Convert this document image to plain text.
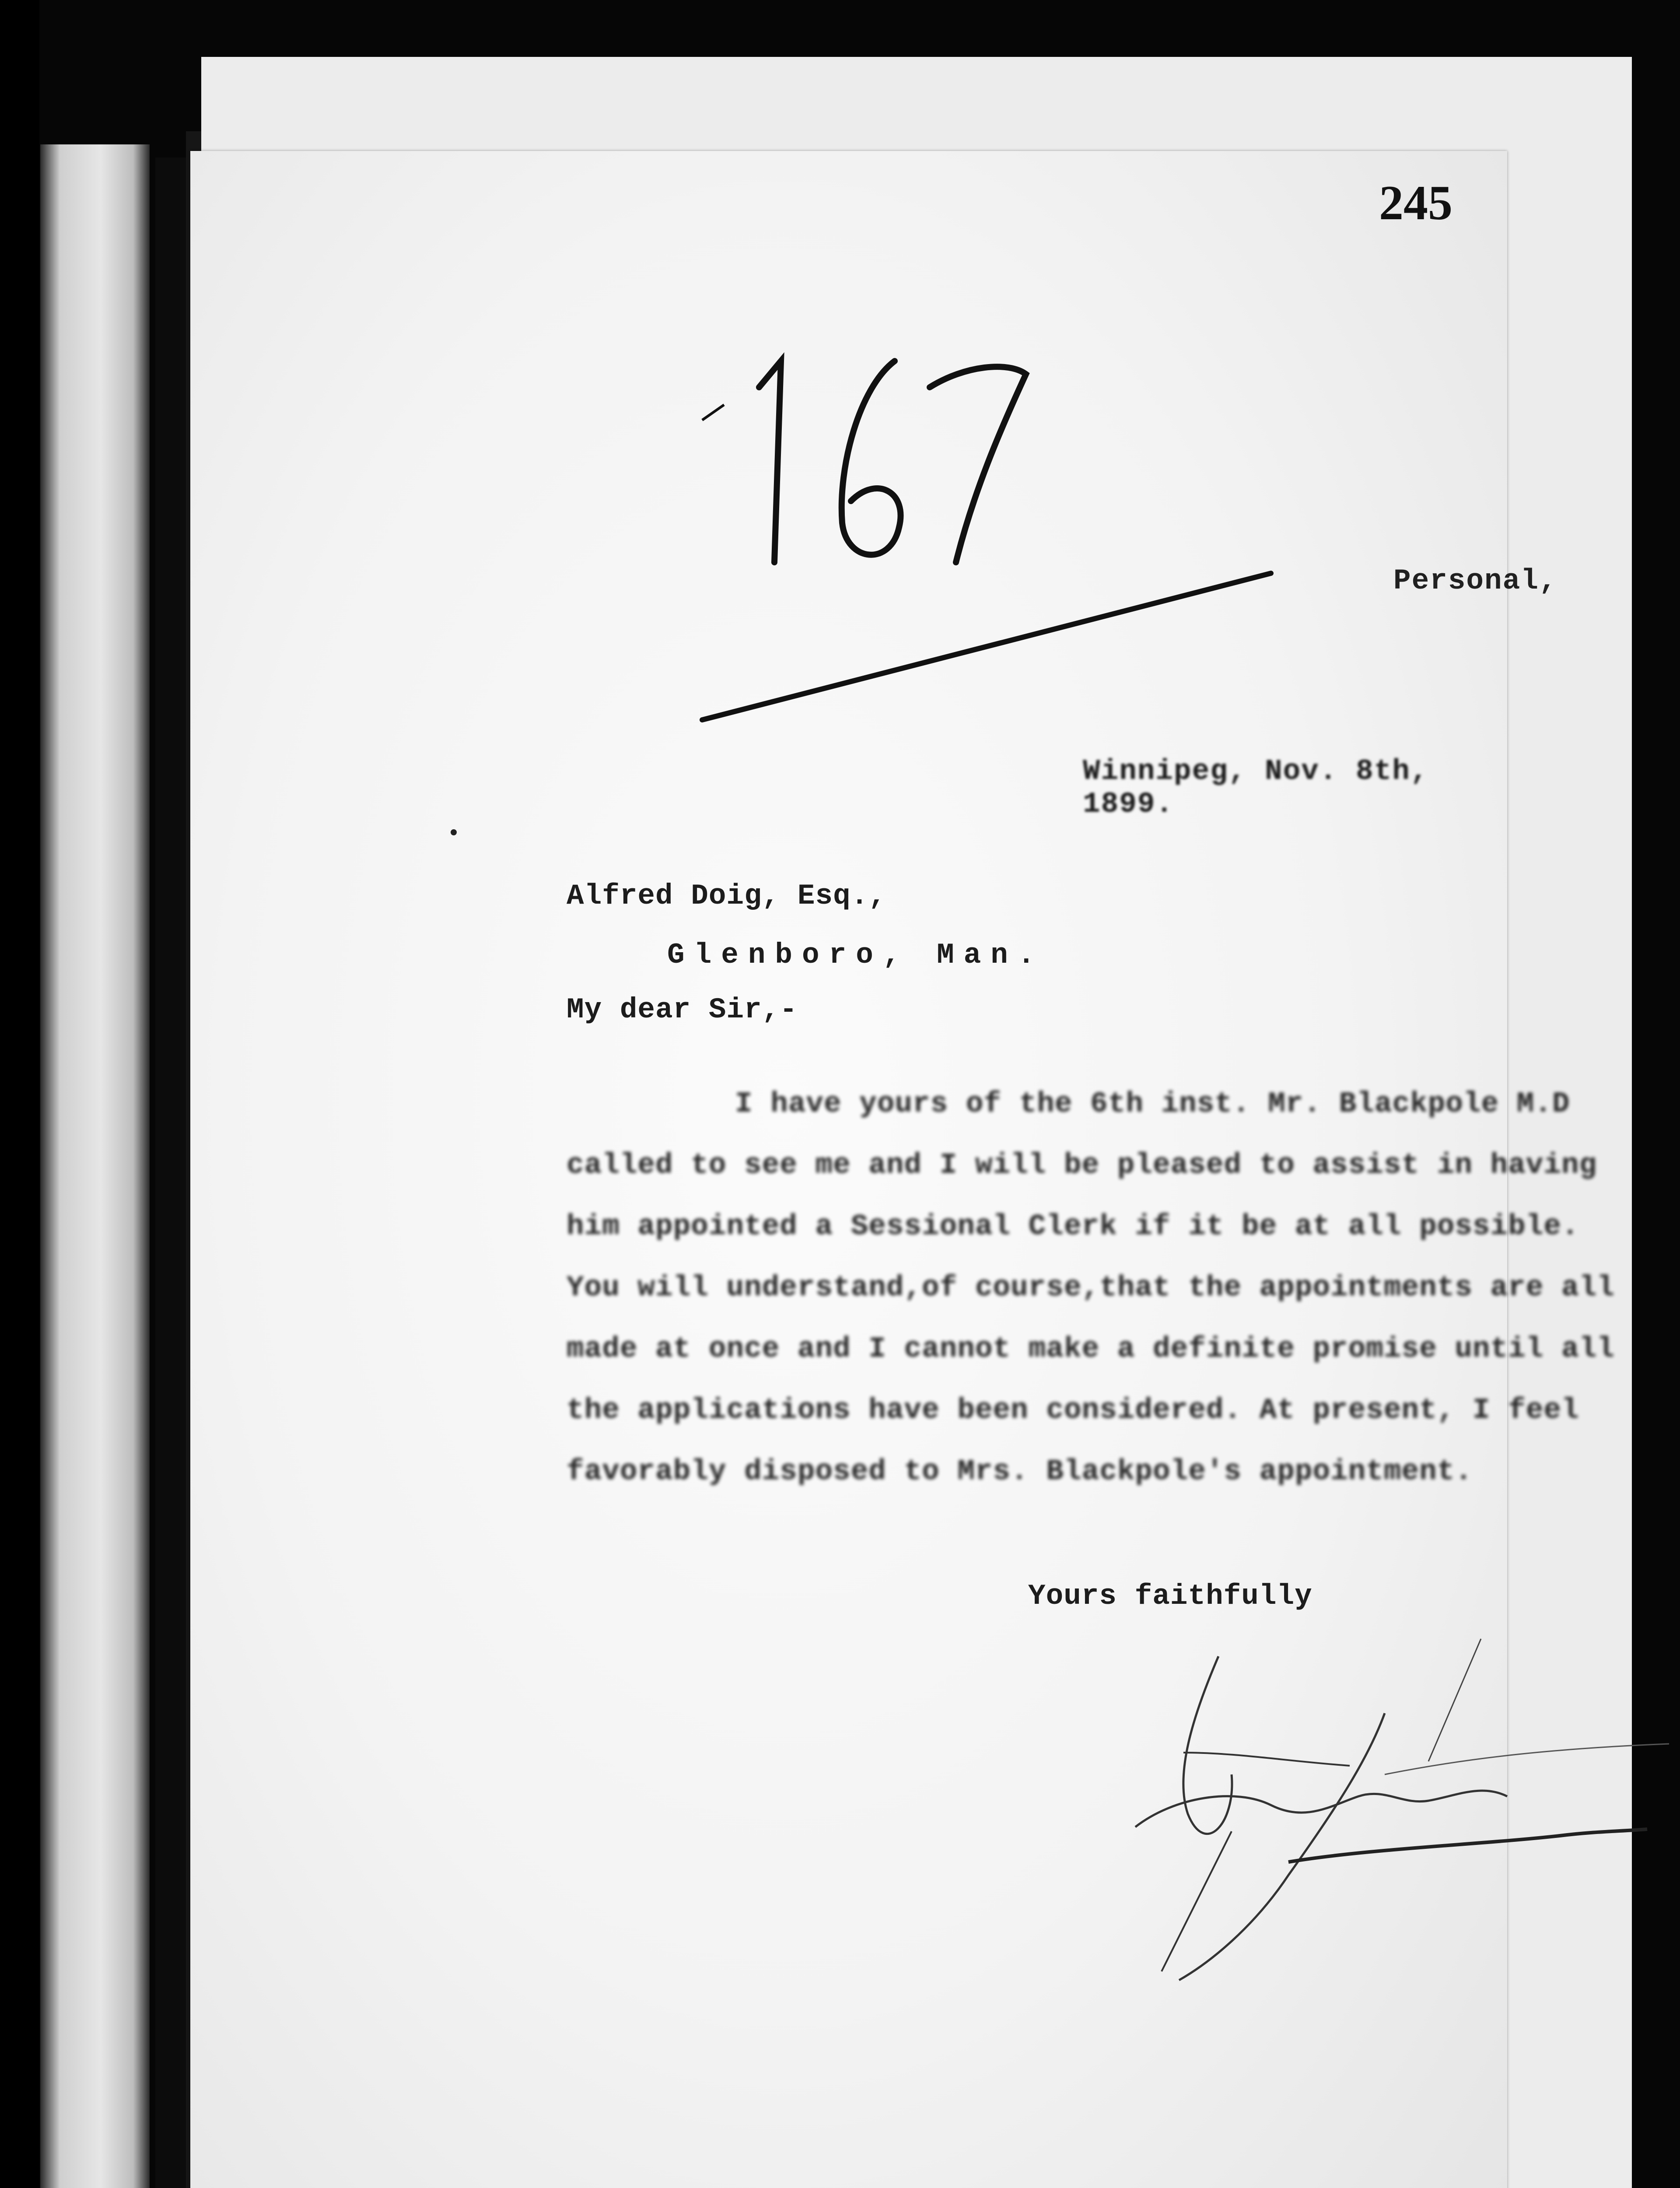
245
Personal,
Winnipeg, Nov. 8th, 1899.
Alfred Doig, Esq.,
Glenboro, Man.
My dear Sir,-
I have yours of the 6th inst. Mr. Blackpole M.D
called to see me and I will be pleased to assist in having
him appointed a Sessional Clerk if it be at all possible.
You will understand,of course,that the appointments are all
made at once and I cannot make a definite promise until all
the applications have been considered. At present, I feel
favorably disposed to Mrs. Blackpole's appointment.
Yours faithfully
